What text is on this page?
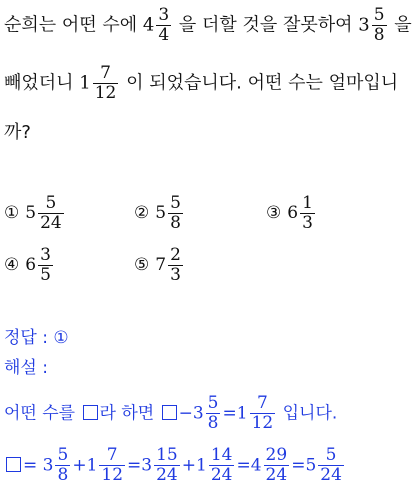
순희는 어떤 수에 $4 \frac{3}{4}$ 을 더할 것을 잘못하여 $3 \frac{5}{8}$ 을
빼었더니 $1 \frac{7}{12}$ 이 되었습니다. 어떤 수는 얼마입니
까?
① $5 \frac{5}{24}$	② $5 \frac{5}{8}$	③ $6 \frac{1}{3}$
④ $6 \frac{3}{5}$	⑤ $7 \frac{2}{3}$
정답 : ①
해설 :
어떤 수를 라 하면 $-3 \frac{5}{8} =1 \frac{7}{12}$ 입니다.
= $3 \frac{5}{8} +1 \frac{7}{12} =3 \frac{15}{24} +1 \frac{14}{24} =4 \frac{29}{24} =5 \frac{5}{24}$
